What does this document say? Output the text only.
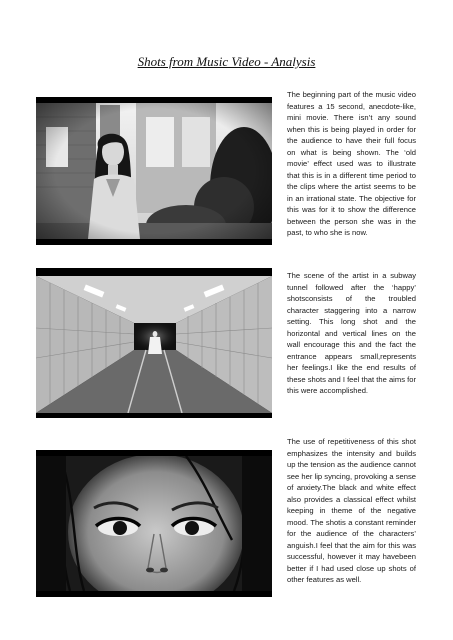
Shots from Music Video - Analysis

The beginning part of the music video features a 15 second, anecdote-like, mini movie. There isn’t any sound when this is being played in order for the audience to have their full focus on what is being shown. The ‘old movie’ effect used was to illustrate that this is in a different time period to the clips where the artist seems to be in an irrational state. The objective for this was for it to show the difference between the person she was in the past, to who she is now.

The scene of the artist in a subway tunnel followed after the ‘happy’ shotsconsists of the troubled character staggering into a narrow setting. This long shot and the horizontal and vertical lines on the wall encourage this and the fact the entrance appears small,represents her feelings.I like the end results of these shots and I feel that the aims for this were accomplished.

The use of repetitiveness of this shot emphasizes the intensity and builds up the tension as the audience cannot see her lip syncing, provoking a sense of anxiety.The black and white effect also provides a classical effect whilst keeping in theme of the negative mood. The shotis a constant reminder for the audience of the characters’ anguish.I feel that the aim for this was successful, however it may havebeen better if I had used close up shots of other features as well.
